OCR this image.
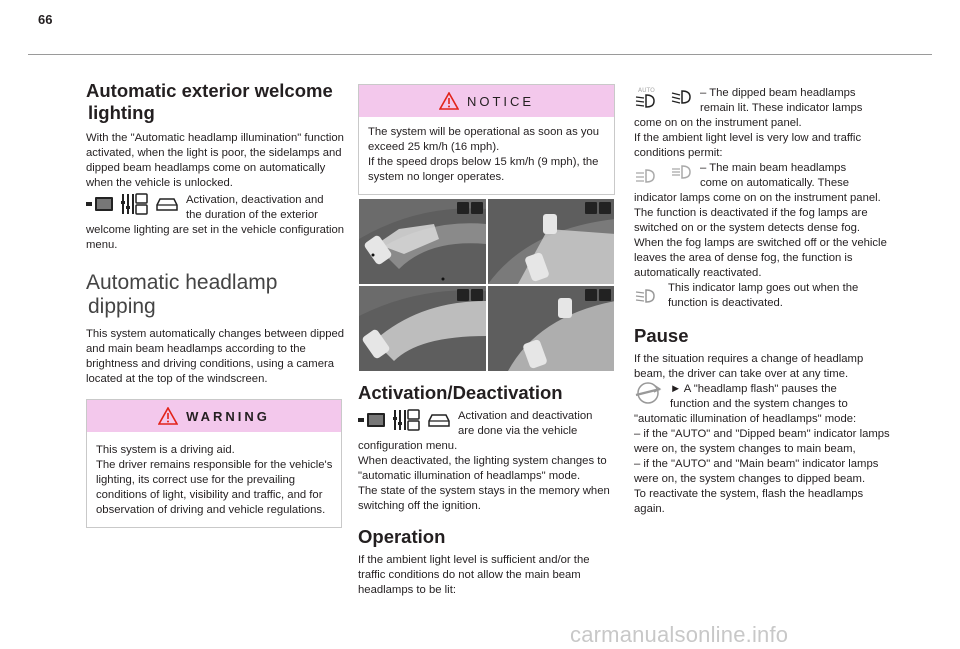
66
Automatic exterior welcome
lighting

With the "Automatic headlamp illumination" function activated, when the light is poor, the sidelamps and dipped beam headlamps come on automatically when the vehicle is unlocked.

Activation, deactivation and
the duration of the exterior

welcome lighting are set in the vehicle configuration menu.

Automatic headlamp
dipping

This system automatically changes between dipped and main beam headlamps according to the brightness and driving conditions, using a camera located at the top of the windscreen.

WARNING

This system is a driving aid.

The driver remains responsible for the vehicle's lighting, its correct use for the prevailing conditions of light, visibility and traffic, and for observation of driving and vehicle regulations.

NOTICE

The system will be operational as soon as you exceed 25 km/h (16 mph).

If the speed drops below 15 km/h (9 mph), the system no longer operates.

Activation/Deactivation
Activation and deactivation
are done via the vehicle

configuration menu.

When deactivated, the lighting system changes to "automatic illumination of headlamps" mode.

The state of the system stays in the memory when switching off the ignition.

Operation

If the ambient light level is sufficient and/or the traffic conditions do not allow the main beam headlamps to be lit:

AUTO	– The dipped beam headlamps
remain lit. These indicator lamps

come on on the instrument panel.

If the ambient light level is very low and traffic conditions permit:

– The main beam headlamps
come on automatically. These

indicator lamps come on on the instrument panel.

The function is deactivated if the fog lamps are switched on or the system detects dense fog.

When the fog lamps are switched off or the vehicle leaves the area of dense fog, the function is automatically reactivated.

This indicator lamp goes out when the
function is deactivated.
Pause

If the situation requires a change of headlamp beam, the driver can take over at any time.

► A "headlamp flash" pauses the
function and the system changes to

"automatic illumination of headlamps" mode:

– if the "AUTO" and "Dipped beam" indicator lamps were on, the system changes to main beam,

– if the "AUTO" and "Main beam" indicator lamps were on, the system changes to dipped beam.

To reactivate the system, flash the headlamps again.

carmanualsonline.info
